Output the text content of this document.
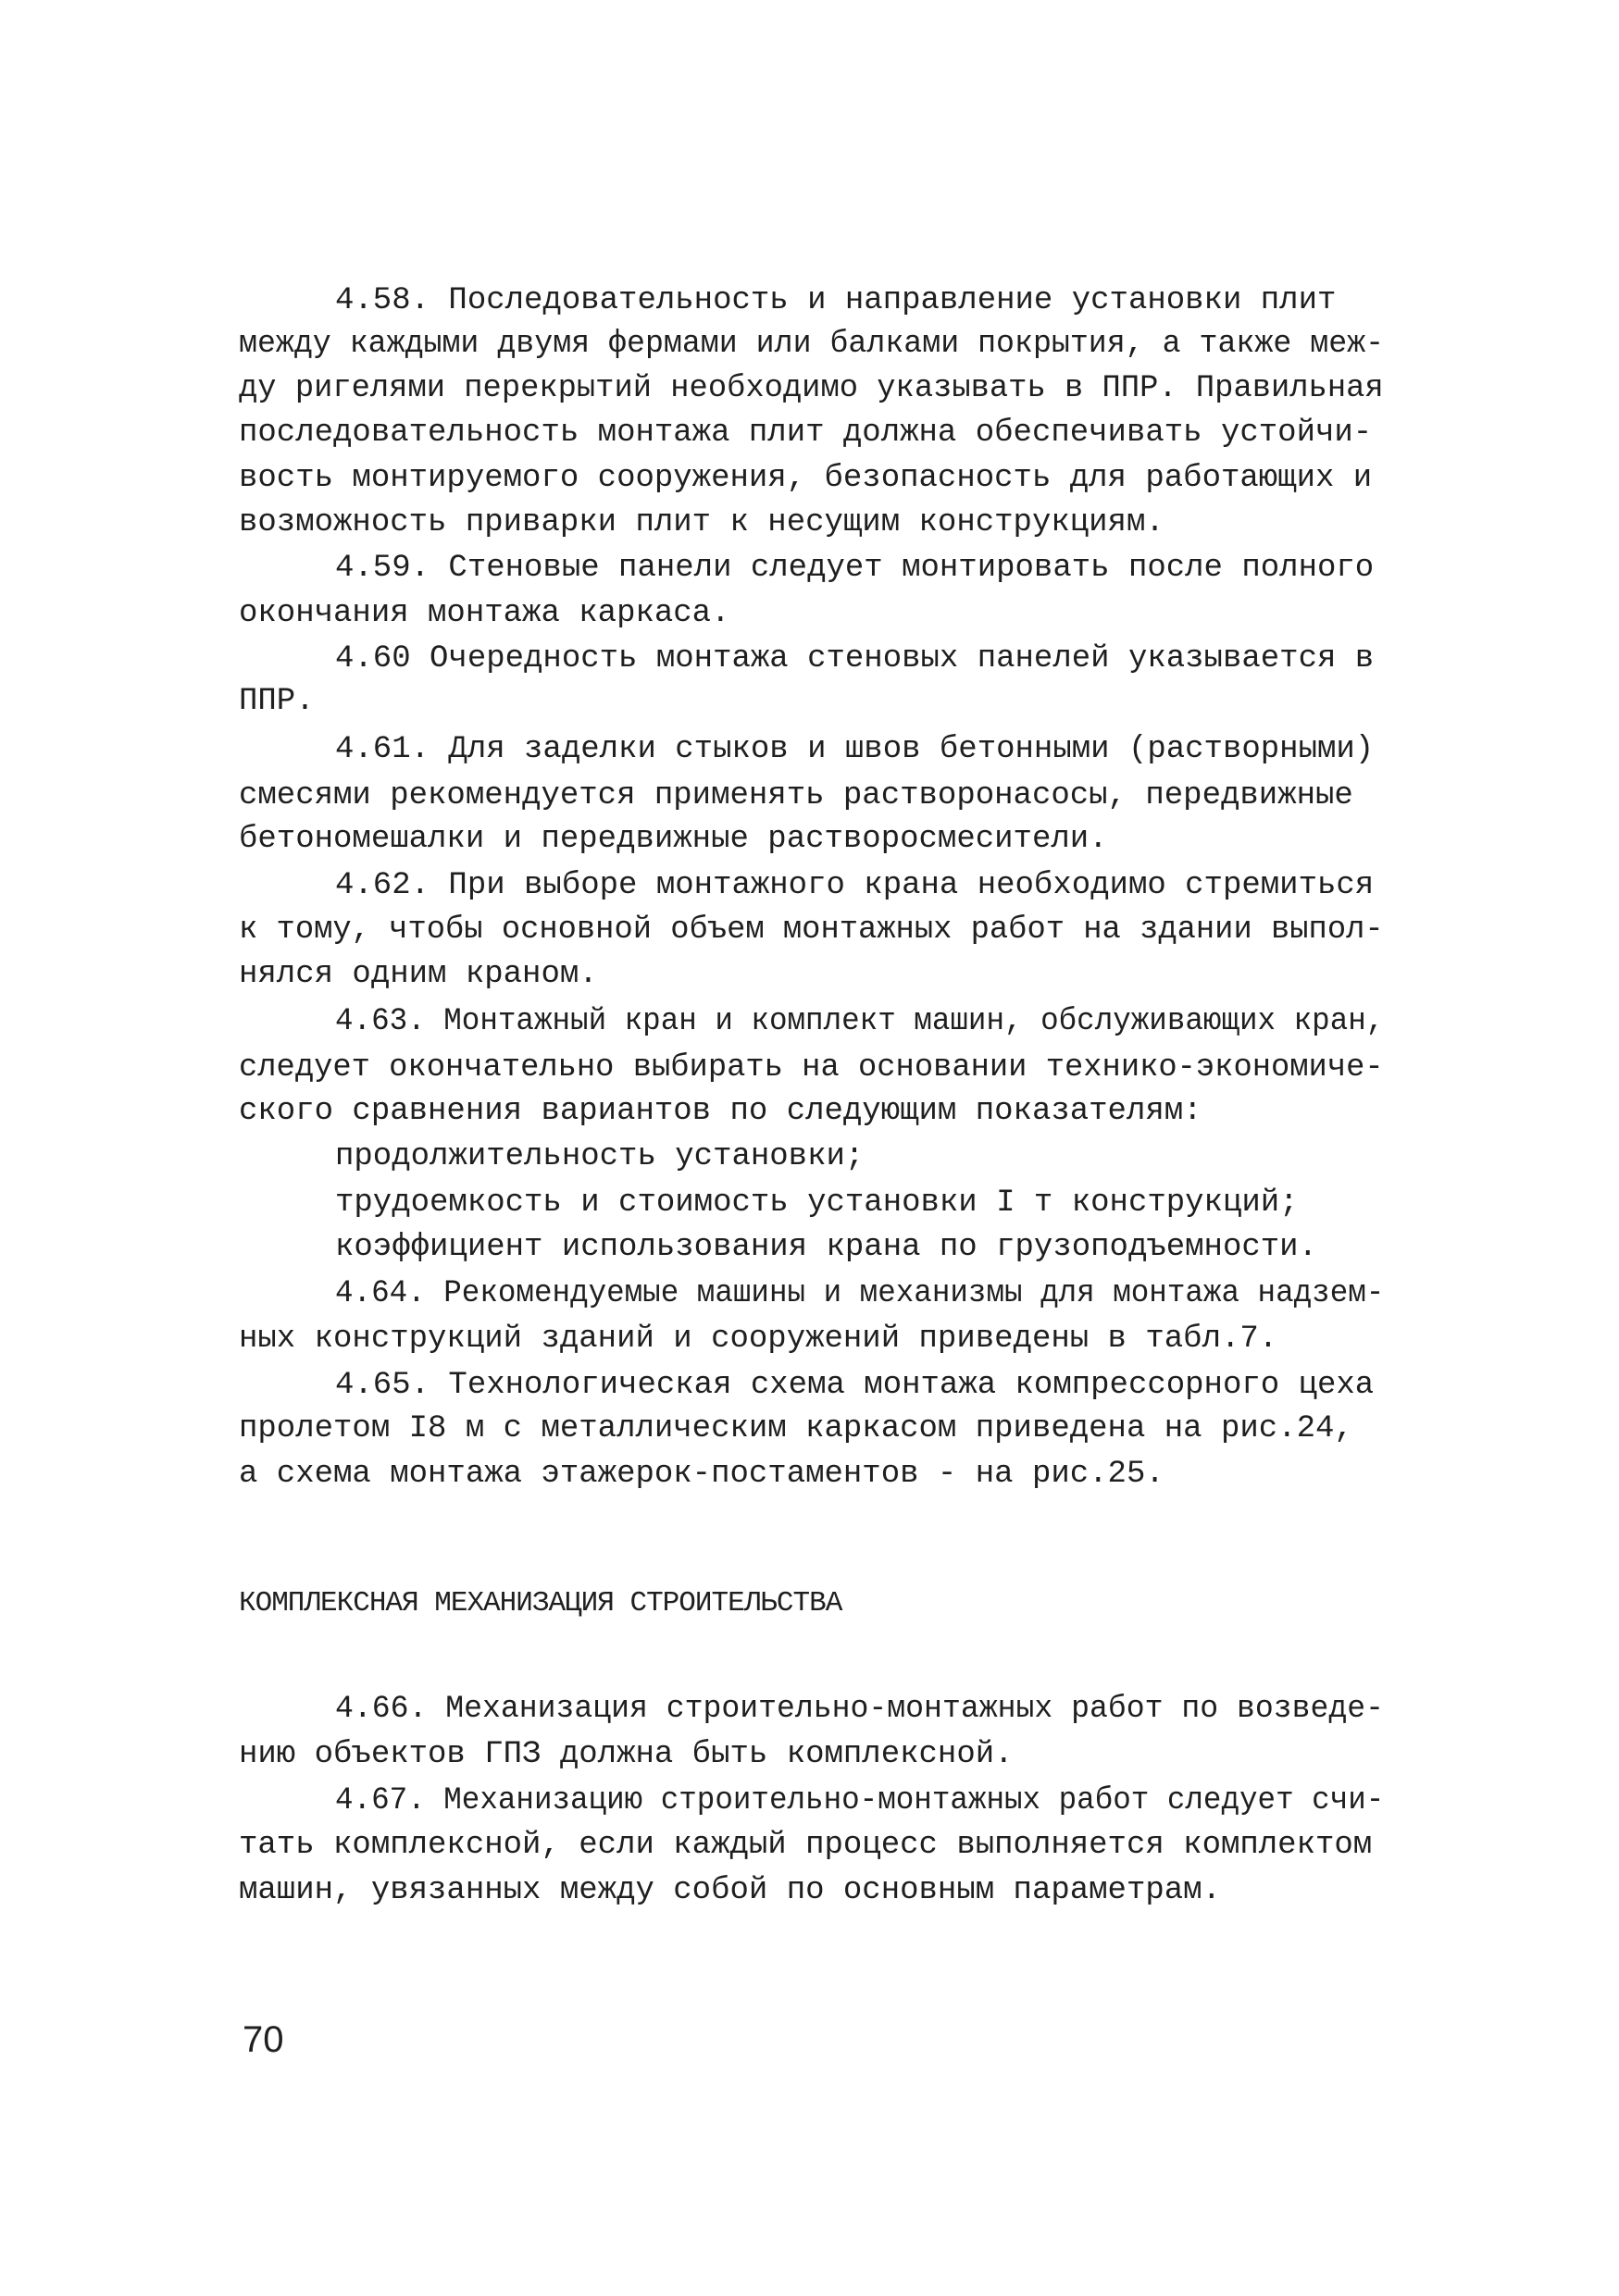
4.58. Последовательность и направление установки плит
между каждыми двумя фермами или балками покрытия, а также меж-
ду ригелями перекрытий необходимо указывать в ППР. Правильная
последовательность монтажа плит должна обеспечивать устойчи-
вость монтируемого сооружения, безопасность для работающих и
возможность приварки плит к несущим конструкциям.
4.59. Стеновые панели следует монтировать после полного
окончания монтажа каркаса.
4.60 Очередность монтажа стеновых панелей указывается в
ППР.
4.61. Для заделки стыков и швов бетонными (растворными)
смесями рекомендуется применять растворонасосы, передвижные
бетономешалки и передвижные растворосмесители.
4.62. При выборе монтажного крана необходимо стремиться
к тому, чтобы основной объем монтажных работ на здании выпол-
нялся одним краном.
4.63. Монтажный кран и комплект машин, обслуживающих кран,
следует окончательно выбирать на основании технико-экономиче-
ского сравнения вариантов по следующим показателям:
продолжительность установки;
трудоемкость и стоимость установки I т конструкций;
коэффициент использования крана по грузоподъемности.
4.64. Рекомендуемые машины и механизмы для монтажа надзем-
ных конструкций зданий и сооружений приведены в табл.7.
4.65. Технологическая схема монтажа компрессорного цеха
пролетом I8 м с металлическим каркасом приведена на рис.24,
а схема монтажа этажерок-постаментов - на рис.25.
КОМПЛЕКСНАЯ МЕХАНИЗАЦИЯ СТРОИТЕЛЬСТВА
4.66. Механизация строительно-монтажных работ по возведе-
нию объектов ГПЗ должна быть комплексной.
4.67. Механизацию строительно-монтажных работ следует счи-
тать комплексной, если каждый процесс выполняется комплектом
машин, увязанных между собой по основным параметрам.
70
